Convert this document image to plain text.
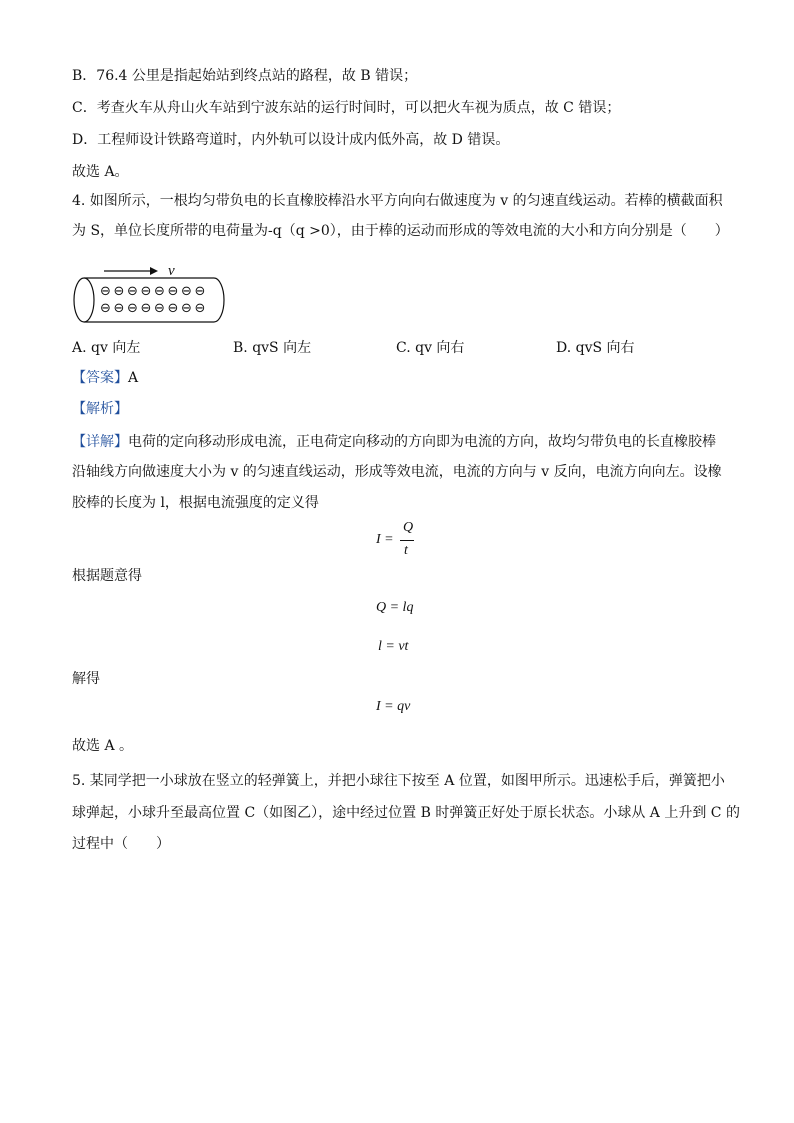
B．76.4 公里是指起始站到终点站的路程，故 B 错误；
C．考查火车从舟山火车站到宁波东站的运行时间时，可以把火车视为质点，故 C 错误；
D．工程师设计铁路弯道时，内外轨可以设计成内低外高，故 D 错误。
故选 A。
4. 如图所示，一根均匀带负电的长直橡胶棒沿水平方向向右做速度为 v 的匀速直线运动。若棒的横截面积
为 S，单位长度所带的电荷量为-q（q >0），由于棒的运动而形成的等效电流的大小和方向分别是（　　）
v
⊖ ⊖ ⊖ ⊖ ⊖ ⊖ ⊖ ⊖
⊖ ⊖ ⊖ ⊖ ⊖ ⊖ ⊖ ⊖
A. qv 向左	B. qvS 向左	C. qv 向右	D. qvS 向右
【答案】A
【解析】
【详解】电荷的定向移动形成电流，正电荷定向移动的方向即为电流的方向，故均匀带负电的长直橡胶棒
沿轴线方向做速度大小为 v 的匀速直线运动，形成等效电流，电流的方向与 v 反向，电流方向向左。设橡
胶棒的长度为 l，根据电流强度的定义得
I =
Q
t
根据题意得
Q = lq
l = vt
解得
I = qv
故选 A 。
5. 某同学把一小球放在竖立的轻弹簧上，并把小球往下按至 A 位置，如图甲所示。迅速松手后，弹簧把小
球弹起，小球升至最高位置 C（如图乙），途中经过位置 B 时弹簧正好处于原长状态。小球从 A 上升到 C 的
过程中（　　）
